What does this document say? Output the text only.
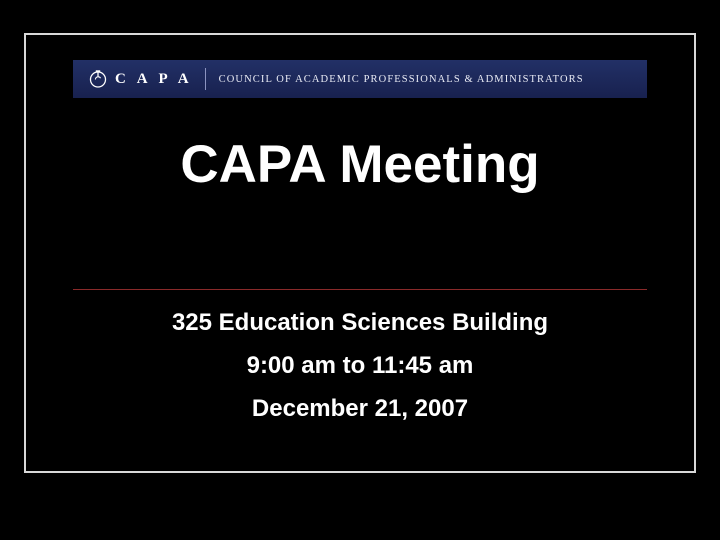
C A P A COUNCIL OF ACADEMIC PROFESSIONALS & ADMINISTRATORS
CAPA Meeting
325 Education Sciences Building
9:00 am to 11:45 am
December 21, 2007
